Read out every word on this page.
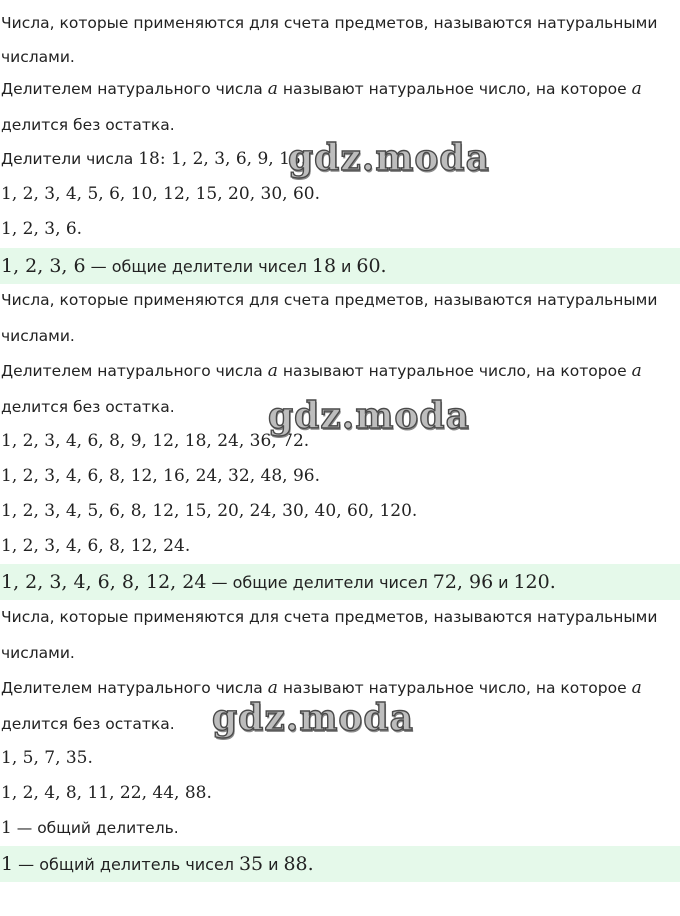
Числа, которые применяются для счета предметов, называются натуральными
числами.
Делителем натурального числа
a
называют натуральное число, на которое
a
делится без остатка.
Делители числа
18: 1, 2, 3, 6, 9, 18.
1, 2, 3, 4, 5, 6, 10, 12, 15, 20, 30, 60.
1, 2, 3, 6.
1, 2, 3, 6 — общие делители чисел
18
и
60.
Числа, которые применяются для счета предметов, называются натуральными
числами.
Делителем натурального числа
a
называют натуральное число, на которое
a
делится без остатка.
1, 2, 3, 4, 6, 8, 9, 12, 18, 24, 36, 72.
1, 2, 3, 4, 6, 8, 12, 16, 24, 32, 48, 96.
1, 2, 3, 4, 5, 6, 8, 12, 15, 20, 24, 30, 40, 60, 120.
1, 2, 3, 4, 6, 8, 12, 24.
1, 2, 3, 4, 6, 8, 12, 24 — общие делители чисел
72, 96
и
120.
Числа, которые применяются для счета предметов, называются натуральными
числами.
Делителем натурального числа
a
называют натуральное число, на которое
a
делится без остатка.
1, 5, 7, 35.
1, 2, 4, 8, 11, 22, 44, 88.
1 — общий делитель.
1 — общий делитель чисел
35
и
88.
gdz.moda
gdz.moda
gdz.moda
